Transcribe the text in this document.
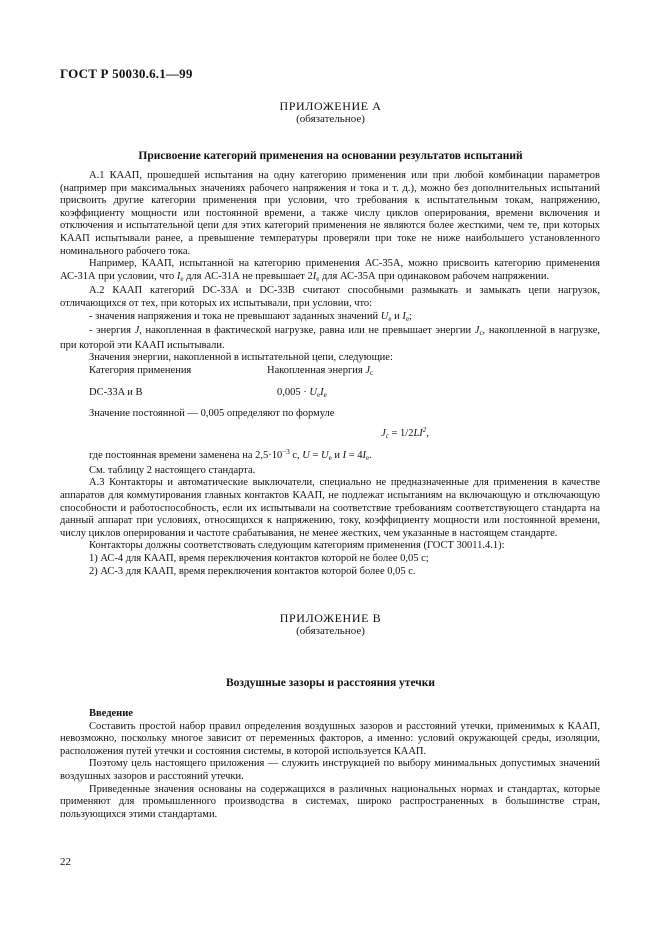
ГОСТ Р 50030.6.1—99
ПРИЛОЖЕНИЕ А
(обязательное)
Присвоение категорий применения на основании результатов испытаний

А.1 КААП, прошедшей испытания на одну категорию применения или при любой комбинации параметров (например при максимальных значениях рабочего напряжения и тока и т. д.), можно без дополнительных испытаний присвоить другие категории применения при условии, что требования к испытательным токам, напряжению, коэффициенту мощности или постоянной времени, а также числу циклов оперирования, времени включения и отключения и испытательной цепи для этих категорий применения не являются более жесткими, чем те, при которых КААП испытывали ранее, а превышение температуры проверяли при токе не ниже наибольшего установленного номинального рабочего тока.

Например, КААП, испытанной на категорию применения АС-35А, можно присвоить категорию применения АС-31А при условии, что $I_e$ для АС-31А не превышает $2I_e$ для АС-35А при одинаковом рабочем напряжении.

А.2 КААП категорий DC-33A и DC-33B считают способными размыкать и замыкать цепи нагрузок, отличающихся от тех, при которых их испытывали, при условии, что:

- значения напряжения и тока не превышают заданных значений $U_e$ и $I_e$;

- энергия J, накопленная в фактической нагрузке, равна или не превышает энергии $J_c$, накопленной в нагрузке, при которой эти КААП испытывали.

Значения энергии, накопленной в испытательной цепи, следующие:

Категория применения	Накопленная энергия $J_c$
DC-33A и B	$0,005 \cdot U_eI_e$

Значение постоянной — 0,005 определяют по формуле

$J_c = 1/2LI^2$,

где постоянная времени заменена на $2,5\cdot 10^{-3}$ с, $U = U_e$ и $I = 4I_e$.

См. таблицу 2 настоящего стандарта.

А.3 Контакторы и автоматические выключатели, специально не предназначенные для применения в качестве аппаратов для коммутирования главных контактов КААП, не подлежат испытаниям на включающую и отключающую способности и работоспособность, если их испытывали на соответствие требованиям соответствующего стандарта на данный аппарат при условиях, относящихся к напряжению, току, коэффициенту мощности или постоянной времени, числу циклов оперирования и частоте срабатывания, не менее жестких, чем указанные в настоящем стандарте.

Контакторы должны соответствовать следующим категориям применения (ГОСТ 30011.4.1):

1) АС-4 для КААП, время переключения контактов которой не более 0,05 с;

2) АС-3 для КААП, время переключения контактов которой более 0,05 с.

ПРИЛОЖЕНИЕ В
(обязательное)
Воздушные зазоры и расстояния утечки

Введение

Составить простой набор правил определения воздушных зазоров и расстояний утечки, применимых к КААП, невозможно, поскольку многое зависит от переменных факторов, а именно: условий окружающей среды, изоляции, расположения путей утечки и состояния системы, в которой используется КААП.

Поэтому цель настоящего приложения — служить инструкцией по выбору минимальных допустимых значений воздушных зазоров и расстояний утечки.

Приведенные значения основаны на содержащихся в различных национальных нормах и стандартах, которые применяют для промышленного производства в системах, широко распространенных в большинстве стран, пользующихся этими стандартами.

22
